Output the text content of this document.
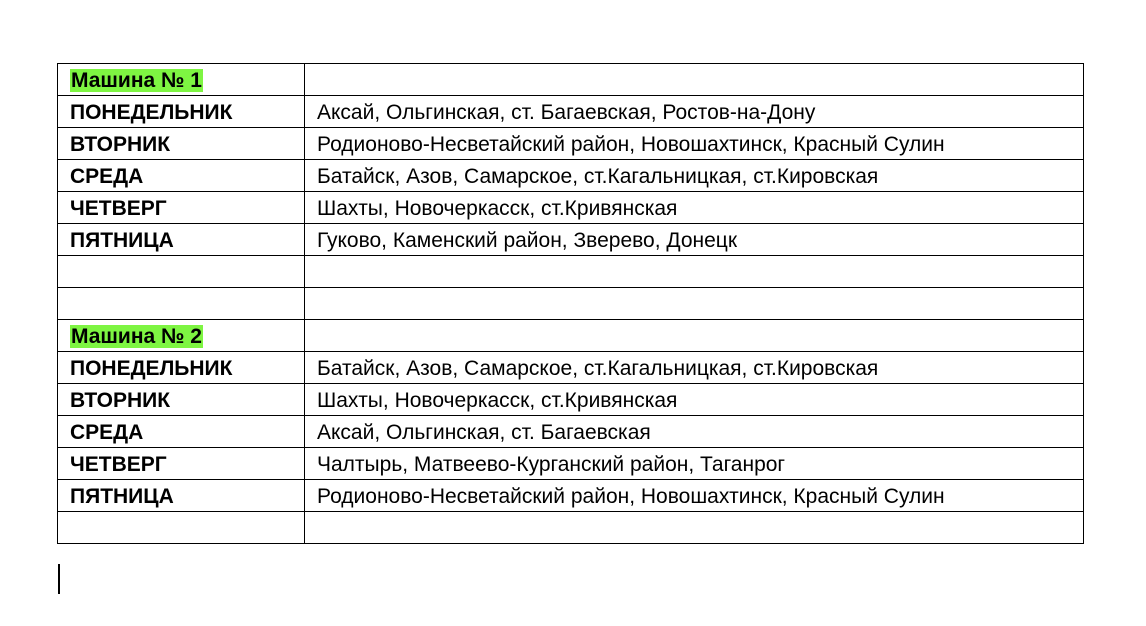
Машина № 1	
ПОНЕДЕЛЬНИК	Аксай, Ольгинская, ст. Багаевская, Ростов-на-Дону
ВТОРНИК	Родионово-Несветайский район, Новошахтинск, Красный Сулин
СРЕДА	Батайск, Азов, Самарское, ст.Кагальницкая, ст.Кировская
ЧЕТВЕРГ	Шахты, Новочеркасск, ст.Кривянская
ПЯТНИЦА	Гуково, Каменский район, Зверево, Донецк

Машина № 2	
ПОНЕДЕЛЬНИК	Батайск, Азов, Самарское, ст.Кагальницкая, ст.Кировская
ВТОРНИК	Шахты, Новочеркасск, ст.Кривянская
СРЕДА	Аксай, Ольгинская, ст. Багаевская
ЧЕТВЕРГ	Чалтырь, Матвеево-Курганский район, Таганрог
ПЯТНИЦА	Родионово-Несветайский район, Новошахтинск, Красный Сулин
